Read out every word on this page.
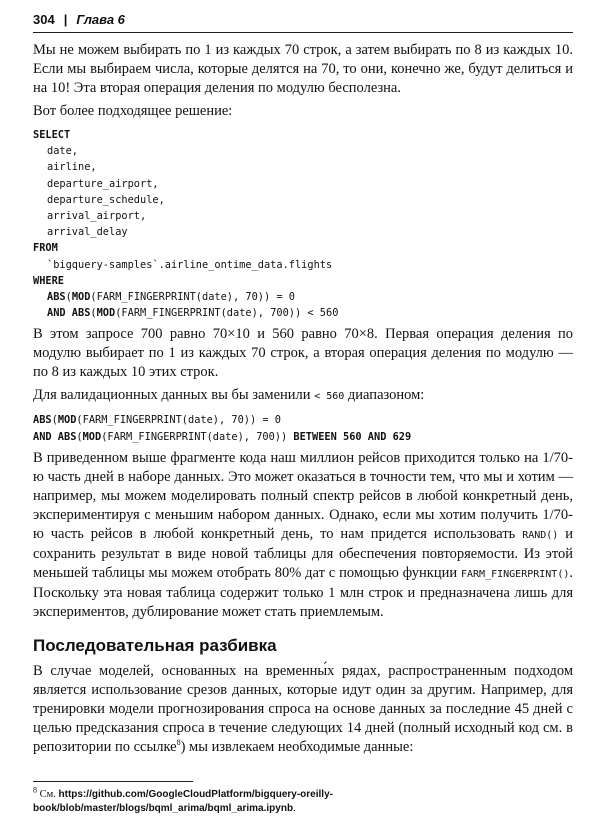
304 | Глава 6

Мы не можем выбирать по 1 из каждых 70 строк, а затем выбирать по 8 из каждых 10. Если мы выбираем числа, которые делятся на 70, то они, конечно же, будут делиться и на 10! Эта вторая операция деления по модулю бесполезна.

Вот более подходящее решение:

SELECT
date,
airline,
departure_airport,
departure_schedule,
arrival_airport,
arrival_delay
FROM
`bigquery-samples`.airline_ontime_data.flights
WHERE
ABS(MOD(FARM_FINGERPRINT(date), 70)) = 0
AND ABS(MOD(FARM_FINGERPRINT(date), 700)) < 560

В этом запросе 700 равно 70×10 и 560 равно 70×8. Первая операция деления по модулю выбирает по 1 из каждых 70 строк, а вторая операция деления по модулю — по 8 из каждых 10 этих строк.

Для валидационных данных вы бы заменили < 560 диапазоном:

ABS(MOD(FARM_FINGERPRINT(date), 70)) = 0
AND ABS(MOD(FARM_FINGERPRINT(date), 700)) BETWEEN 560 AND 629

В приведенном выше фрагменте кода наш миллион рейсов приходится только на 1/70-ю часть дней в наборе данных. Это может оказаться в точности тем, что мы и хотим — например, мы можем моделировать полный спектр рейсов в любой конкретный день, экспериментируя с меньшим набором данных. Однако, если мы хотим получить 1/70-ю часть рейсов в любой конкретный день, то нам придется использовать RAND() и сохранить результат в виде новой таблицы для обеспечения повторяемости. Из этой меньшей таблицы мы можем отобрать 80% дат с помощью функции FARM_FINGERPRINT(). Поскольку эта новая таблица содержит только 1 млн строк и предназначена лишь для экспериментов, дублирование может стать приемлемым.

Последовательная разбивка

В случае моделей, основанных на временны́х рядах, распространенным подходом является использование срезов данных, которые идут один за другим. Например, для тренировки модели прогнозирования спроса на основе данных за последние 45 дней с целью предсказания спроса в течение следующих 14 дней (полный исходный код см. в репозитории по ссылке$^8$) мы извлекаем необходимые данные:

$^8$ См. https://github.com/GoogleCloudPlatform/bigquery-oreilly-book/blob/master/blogs/bqml_arima/bqml_arima.ipynb.
